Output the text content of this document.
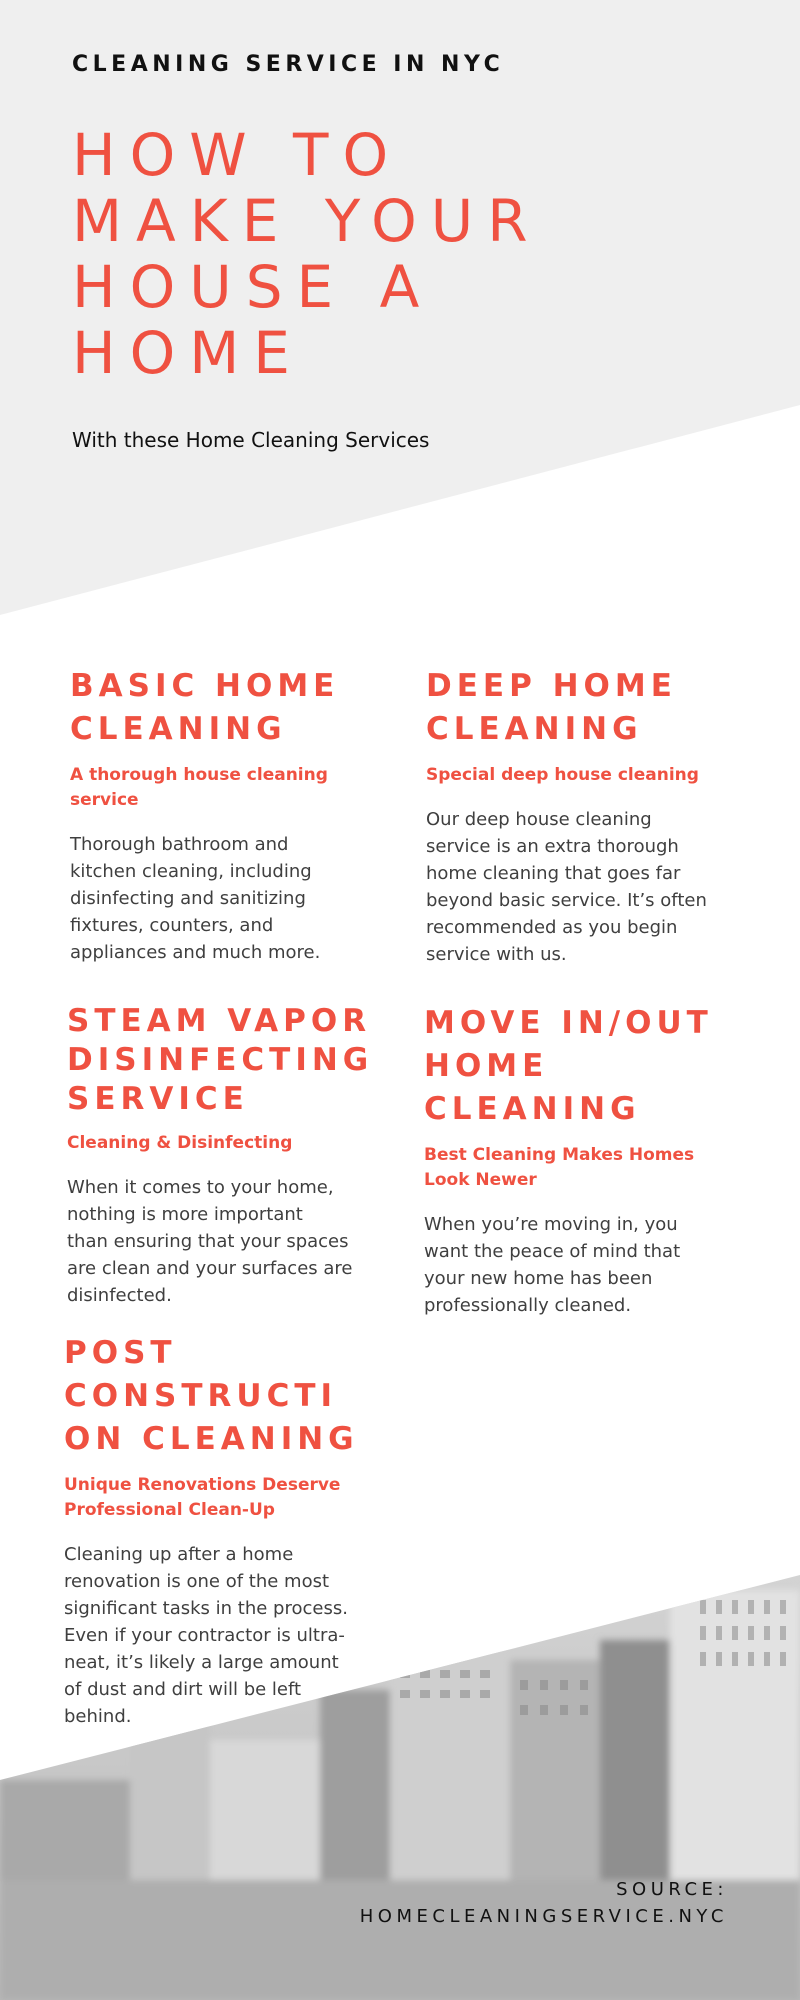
CLEANING SERVICE IN NYC
HOW TO
MAKE YOUR
HOUSE A
HOME
With these Home Cleaning Services
BASIC HOME
CLEANING

A thorough house cleaning service

Thorough bathroom and
kitchen cleaning, including
disinfecting and sanitizing
fixtures, counters, and
appliances and much more.

DEEP HOME
CLEANING

Special deep house cleaning

Our deep house cleaning
service is an extra thorough
home cleaning that goes far
beyond basic service. It’s often
recommended as you begin
service with us.

STEAM VAPOR
DISINFECTING
SERVICE

Cleaning & Disinfecting

When it comes to your home,
nothing is more important
than ensuring that your spaces
are clean and your surfaces are
disinfected.

MOVE IN/OUT
HOME
CLEANING

Best Cleaning Makes Homes Look Newer

When you’re moving in, you
want the peace of mind that
your new home has been
professionally cleaned.

POST
CONSTRUCTI
ON CLEANING

Unique Renovations Deserve Professional Clean-Up

Cleaning up after a home
renovation is one of the most
significant tasks in the process.
Even if your contractor is ultra-
neat, it’s likely a large amount
of dust and dirt will be left
behind.

SOURCE:
HOMECLEANINGSERVICE.NYC
